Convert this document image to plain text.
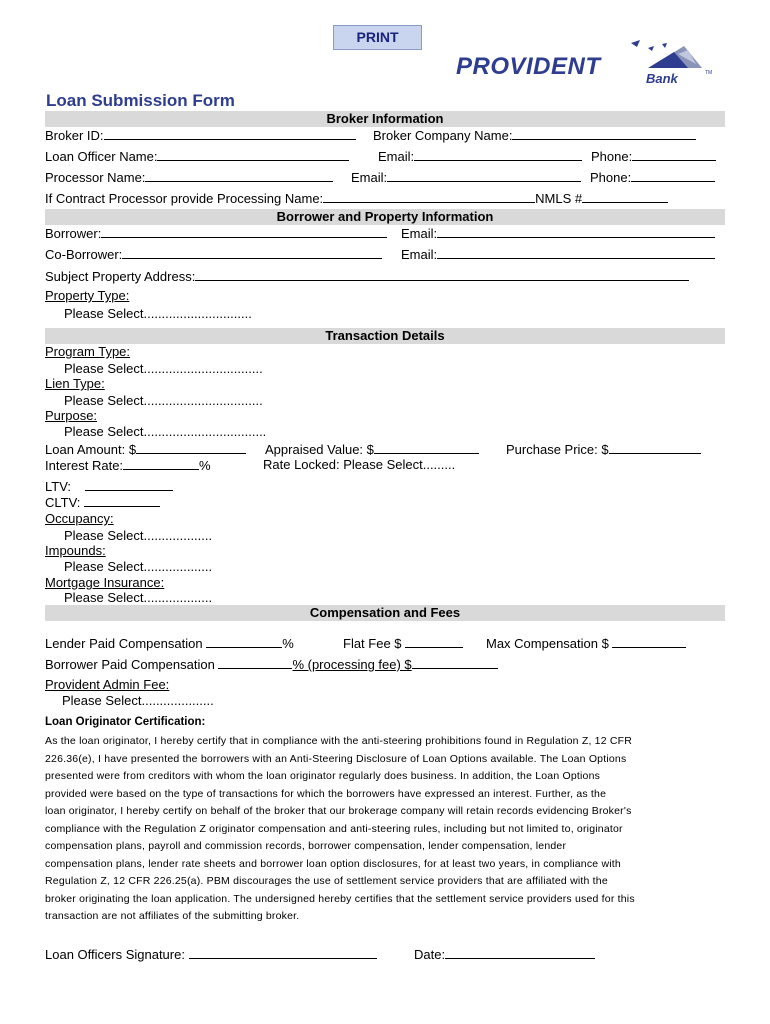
PRINT
PROVIDENT	Bank	TM
Loan Submission Form
Broker Information
Broker ID:	Broker Company Name:
Loan Officer Name:	Email:	Phone:
Processor Name:	Email:	Phone:
If Contract Processor provide Processing Name:	NMLS #
Borrower and Property Information
Borrower:	Email:
Co-Borrower:	Email:
Subject Property Address:
Property Type:
Please Select..............................
Transaction Details
Program Type:
Please Select.................................
Lien Type:
Please Select.................................
Purpose:
Please Select..................................
Loan Amount: $	Appraised Value: $	Purchase Price: $
Interest Rate:	%	Rate Locked: Please Select.........
LTV:
CLTV:
Occupancy:
Please Select...................
Impounds:
Please Select...................
Mortgage Insurance:
Please Select...................
Compensation and Fees
Lender Paid Compensation	%	Flat Fee $	Max Compensation $
Borrower Paid Compensation	% (processing fee) $
Provident Admin Fee:
Please Select....................
Loan Originator Certification:
As the loan originator, I hereby certify that in compliance with the anti-steering prohibitions found in Regulation Z, 12 CFR
226.36(e), I have presented the borrowers with an Anti-Steering Disclosure of Loan Options available. The Loan Options
presented were from creditors with whom the loan originator regularly does business. In addition, the Loan Options
provided were based on the type of transactions for which the borrowers have expressed an interest. Further, as the
loan originator, I hereby certify on behalf of the broker that our brokerage company will retain records evidencing Broker's
compliance with the Regulation Z originator compensation and anti-steering rules, including but not limited to, originator
compensation plans, payroll and commission records, borrower compensation, lender compensation, lender
compensation plans, lender rate sheets and borrower loan option disclosures, for at least two years, in compliance with
Regulation Z, 12 CFR 226.25(a). PBM discourages the use of settlement service providers that are affiliated with the
broker originating the loan application. The undersigned hereby certifies that the settlement service providers used for this
transaction are not affiliates of the submitting broker.
Loan Officers Signature:	Date:
